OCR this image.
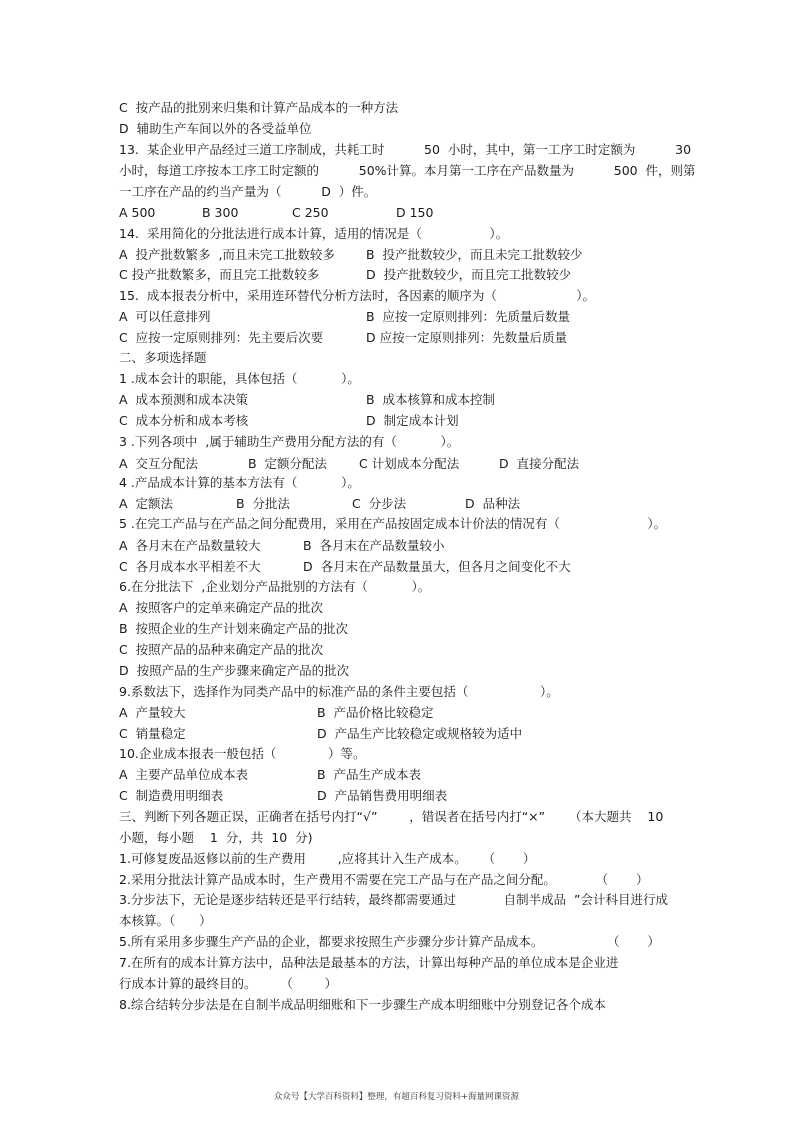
C  按产品的批别来归集和计算产品成本的一种方法
D  辅助生产车间以外的各受益单位
13.  某企业甲产品经过三道工序制成，共耗工时          50  小时，其中，第一工序工时定额为          30
小时，每道工序按本工序工时定额的          50%计算。本月第一工序在产品数量为          500  件，则第
一工序在产品的约当产量为（          D  ）件。
A 500	B 300	C 250	D 150
14.  采用简化的分批法进行成本计算，适用的情况是（                 ）。
A  投产批数繁多  ,而且未完工批数较多 B  投产批数较少，而且未完工批数较少
C 投产批数繁多，而且完工批数较多	D  投产批数较少，而且完工批数较少
15.  成本报表分析中，采用连环替代分析方法时，各因素的顺序为（                    ）。
A  可以任意排列	B  应按一定原则排列：先质量后数量
C  应按一定原则排列：先主要后次要	D 应按一定原则排列：先数量后质量
二、多项选择题
1 .成本会计的职能，具体包括（           ）。
A  成本预测和成本决策	B  成本核算和成本控制
C  成本分析和成本考核	D  制定成本计划
3 .下列各项中  ,属于辅助生产费用分配方法的有（           ）。
A  交互分配法	B  定额分配法	C 计划成本分配法	D  直接分配法
4 .产品成本计算的基本方法有（           ）。
A  定额法	B  分批法	C  分步法	D  品种法
5 .在完工产品与在产品之间分配费用，采用在产品按固定成本计价法的情况有（                      ）。
A  各月末在产品数量较大	B  各月末在产品数量较小
C  各月成本水平相差不大	D  各月末在产品数量虽大，但各月之间变化不大
6.在分批法下  ,企业划分产品批别的方法有（           ）。
A  按照客户的定单来确定产品的批次
B  按照企业的生产计划来确定产品的批次
C  按照产品的品种来确定产品的批次
D  按照产品的生产步骤来确定产品的批次
9.系数法下，选择作为同类产品中的标准产品的条件主要包括（                  ）。
A  产量较大	B  产品价格比较稳定
C  销量稳定	D  产品生产比较稳定或规格较为适中
10.企业成本报表一般包括（             ）等。
A  主要产品单位成本表	B  产品生产成本表
C  制造费用明细表	D  产品销售费用明细表
三、判断下列各题正误，正确者在括号内打“√”        ，错误者在括号内打“×”      （本大题共    10
小题，每小题    1  分，共  10  分)
1.可修复废品返修以前的生产费用        ,应将其计入生产成本。    （       ）
2.采用分批法计算产品成本时，生产费用不需要在完工产品与在产品之间分配。          （       ）
3.分步法下，无论是逐步结转还是平行结转，最终都需要通过            自制半成品  ”会计科目进行成
本核算。（      ）
5.所有采用多步骤生产产品的企业，都要求按照生产步骤分步计算产品成本。                （       ）
7.在所有的成本计算方法中，品种法是最基本的方法，计算出每种产品的单位成本是企业进
行成本计算的最终目的。      （        ）
8.综合结转分步法是在自制半成品明细账和下一步骤生产成本明细账中分别登记各个成本
众众号【大学百科资料】整理，有超百科复习资料+海量网课资源
